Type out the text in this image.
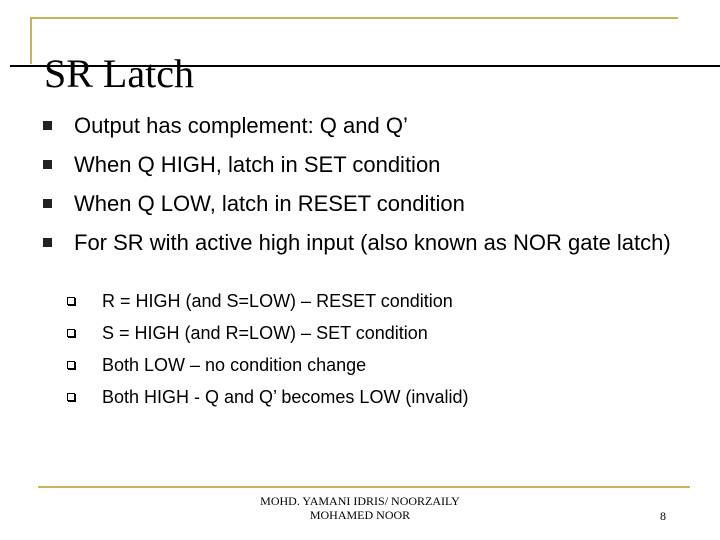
SR Latch
Output has complement: Q and Q’
When Q HIGH, latch in SET condition
When Q LOW, latch in RESET condition
For SR with active high input (also known as NOR gate latch)
R = HIGH (and S=LOW) – RESET condition
S = HIGH (and R=LOW) – SET condition
Both LOW – no condition change
Both HIGH - Q and Q’ becomes LOW (invalid)
MOHD. YAMANI IDRIS/ NOORZAILY
MOHAMED NOOR	8
